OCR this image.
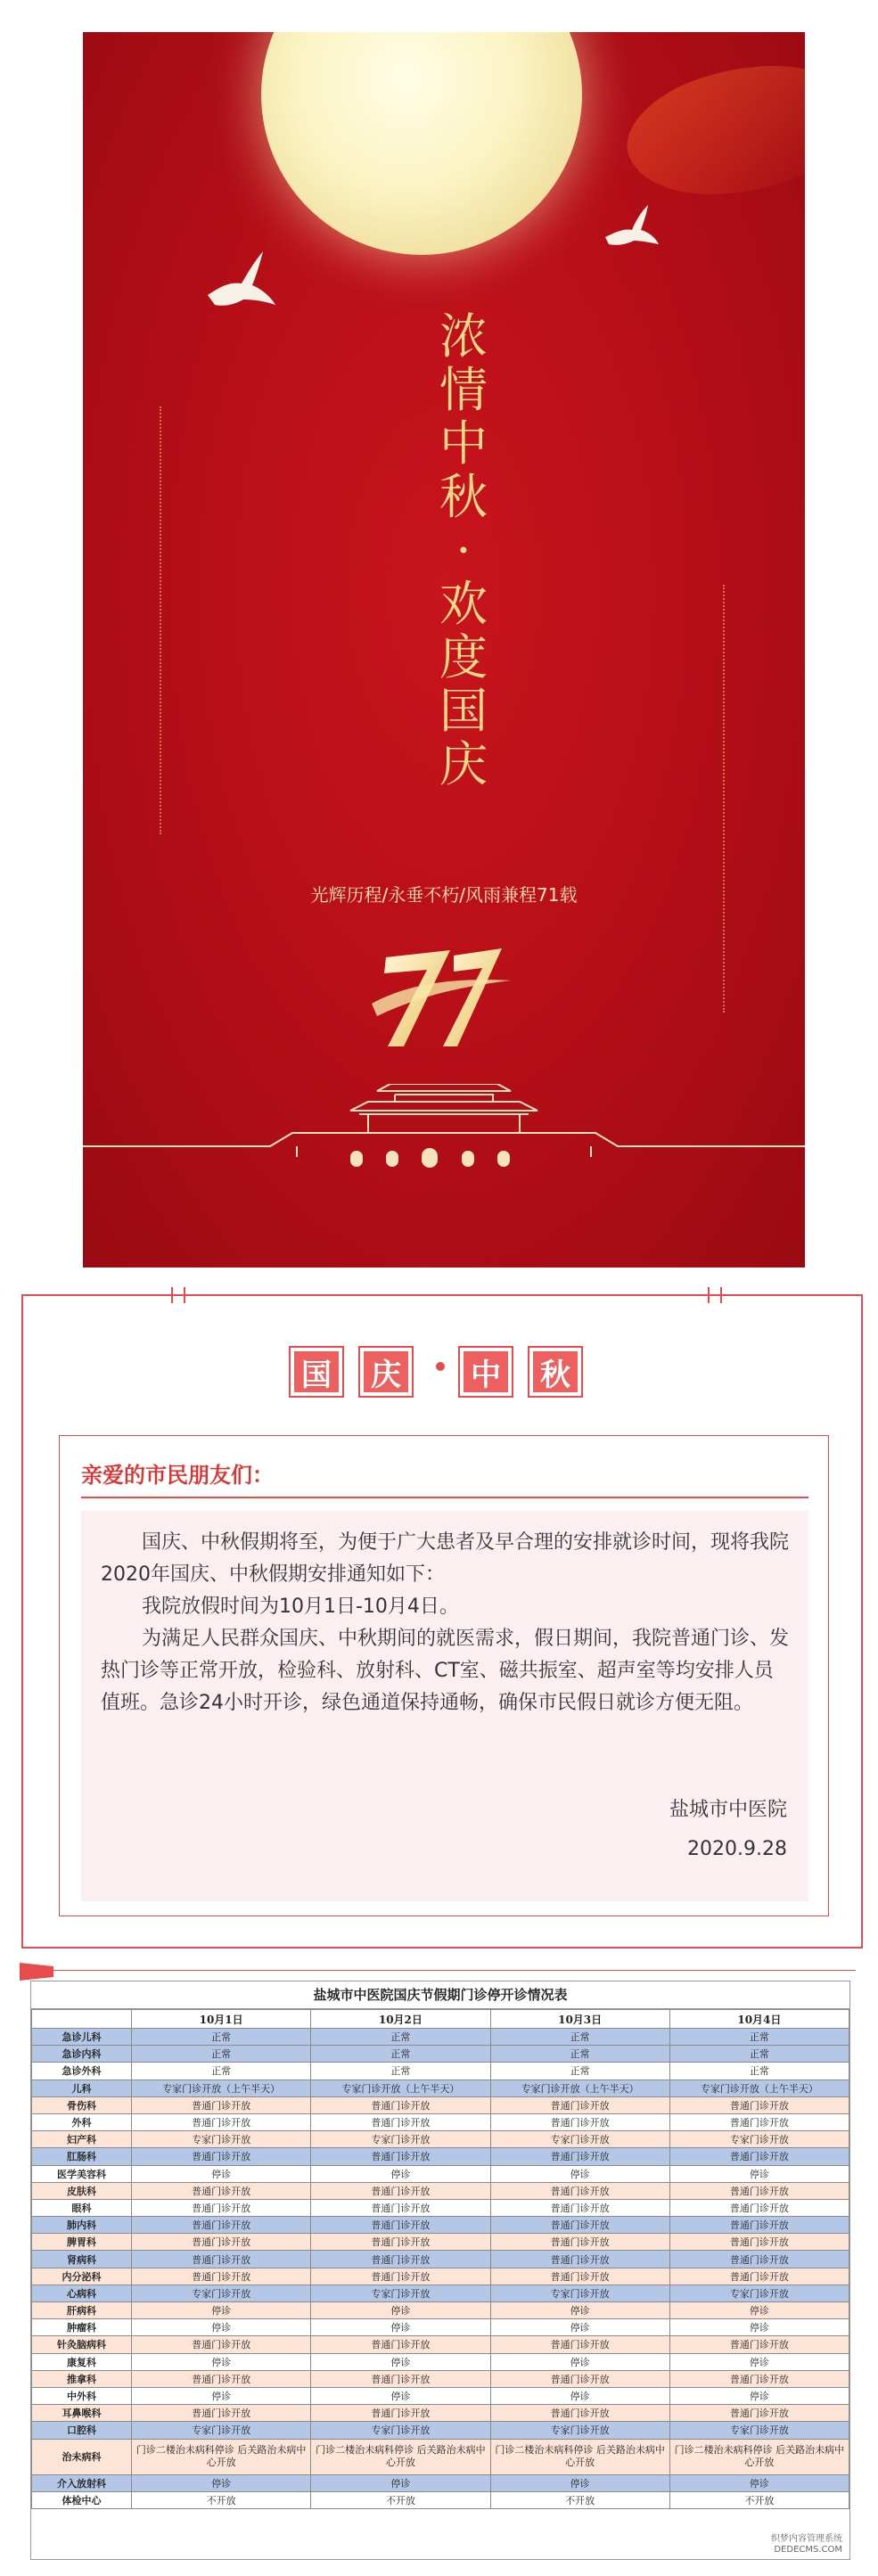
浓
情
中
秋
·
欢
度
国
庆
光辉历程/永垂不朽/风雨兼程71载
国 庆 中 秋
亲爱的市民朋友们：

国庆、中秋假期将至，为便于广大患者及早合理的安排就诊时间，现将我院2020年国庆、中秋假期安排通知如下：

我院放假时间为10月1日-10月4日。

为满足人民群众国庆、中秋期间的就医需求，假日期间，我院普通门诊、发热门诊等正常开放，检验科、放射科、CT室、磁共振室、超声室等均安排人员值班。急诊24小时开诊，绿色通道保持通畅，确保市民假日就诊方便无阻。

盐城市中医院
2020.9.28
盐城市中医院国庆节假期门诊停开诊情况表
	10月1日	10月2日	10月3日	10月4日
急诊儿科	正常	正常	正常	正常
急诊内科	正常	正常	正常	正常
急诊外科	正常	正常	正常	正常
儿科	专家门诊开放（上午半天）	专家门诊开放（上午半天）	专家门诊开放（上午半天）	专家门诊开放（上午半天）
骨伤科	普通门诊开放	普通门诊开放	普通门诊开放	普通门诊开放
外科	普通门诊开放	普通门诊开放	普通门诊开放	普通门诊开放
妇产科	专家门诊开放	专家门诊开放	专家门诊开放	专家门诊开放
肛肠科	普通门诊开放	普通门诊开放	普通门诊开放	普通门诊开放
医学美容科	停诊	停诊	停诊	停诊
皮肤科	普通门诊开放	普通门诊开放	普通门诊开放	普通门诊开放
眼科	普通门诊开放	普通门诊开放	普通门诊开放	普通门诊开放
肺内科	普通门诊开放	普通门诊开放	普通门诊开放	普通门诊开放
脾胃科	普通门诊开放	普通门诊开放	普通门诊开放	普通门诊开放
肾病科	普通门诊开放	普通门诊开放	普通门诊开放	普通门诊开放
内分泌科	普通门诊开放	普通门诊开放	普通门诊开放	普通门诊开放
心病科	专家门诊开放	专家门诊开放	专家门诊开放	专家门诊开放
肝病科	停诊	停诊	停诊	停诊
肿瘤科	停诊	停诊	停诊	停诊
针灸脑病科	普通门诊开放	普通门诊开放	普通门诊开放	普通门诊开放
康复科	停诊	停诊	停诊	停诊
推拿科	普通门诊开放	普通门诊开放	普通门诊开放	普通门诊开放
中外科	停诊	停诊	停诊	停诊
耳鼻喉科	普通门诊开放	普通门诊开放	普通门诊开放	普通门诊开放
口腔科	专家门诊开放	专家门诊开放	专家门诊开放	专家门诊开放
治未病科	门诊二楼治未病科停诊 后关路治未病中心开放	门诊二楼治未病科停诊 后关路治未病中心开放	门诊二楼治未病科停诊 后关路治未病中心开放	门诊二楼治未病科停诊 后关路治未病中心开放
介入放射科	停诊	停诊	停诊	停诊
体检中心	不开放	不开放	不开放	不开放
织梦内容管理系统
DEDECMS.COM
